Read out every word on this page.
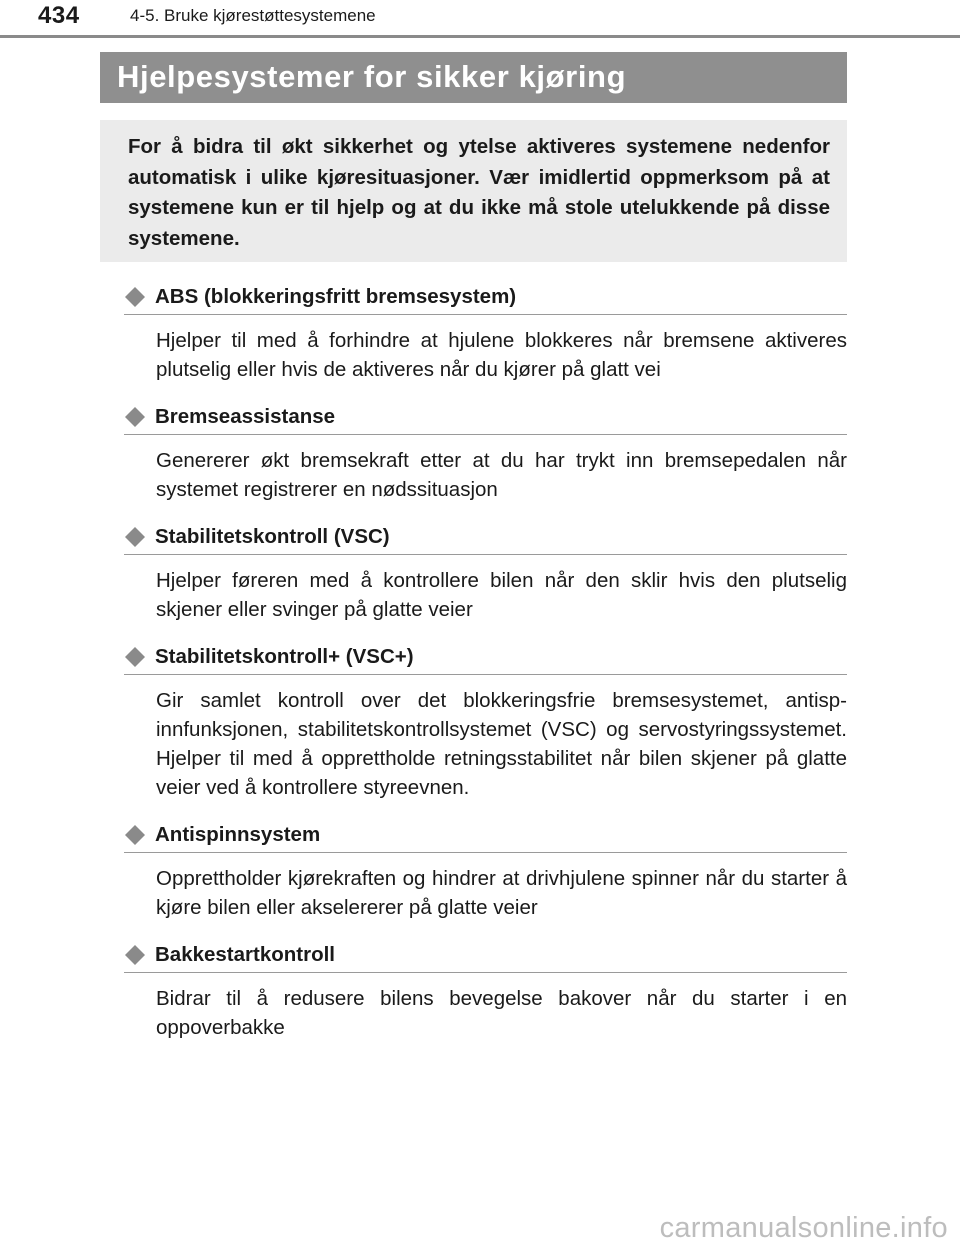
434	4-5. Bruke kjørestøttesystemene
Hjelpesystemer for sikker kjøring
For å bidra til økt sikkerhet og ytelse aktiveres systemene nedenfor automatisk i ulike kjøresituasjoner. Vær imidlertid oppmerksom på at systemene kun er til hjelp og at du ikke må stole utelukkende på disse systemene.
ABS (blokkeringsfritt bremsesystem)
Hjelper til med å forhindre at hjulene blokkeres når bremsene aktiveres plutselig eller hvis de aktiveres når du kjører på glatt vei
Bremseassistanse
Genererer økt bremsekraft etter at du har trykt inn bremsepedalen når systemet registrerer en nødssituasjon
Stabilitetskontroll (VSC)
Hjelper føreren med å kontrollere bilen når den sklir hvis den plutselig skjener eller svinger på glatte veier
Stabilitetskontroll+ (VSC+)
Gir samlet kontroll over det blokkeringsfrie bremsesystemet, antispinnfunksjonen, stabilitetskontrollsystemet (VSC) og servostyringssystemet. Hjelper til med å opprettholde retningsstabilitet når bilen skjener på glatte veier ved å kontrollere styreevnen.
Antispinnsystem
Opprettholder kjørekraften og hindrer at drivhjulene spinner når du starter å kjøre bilen eller akselererer på glatte veier
Bakkestartkontroll
Bidrar til å redusere bilens bevegelse bakover når du starter i en oppoverbakke
carmanualsonline.info
